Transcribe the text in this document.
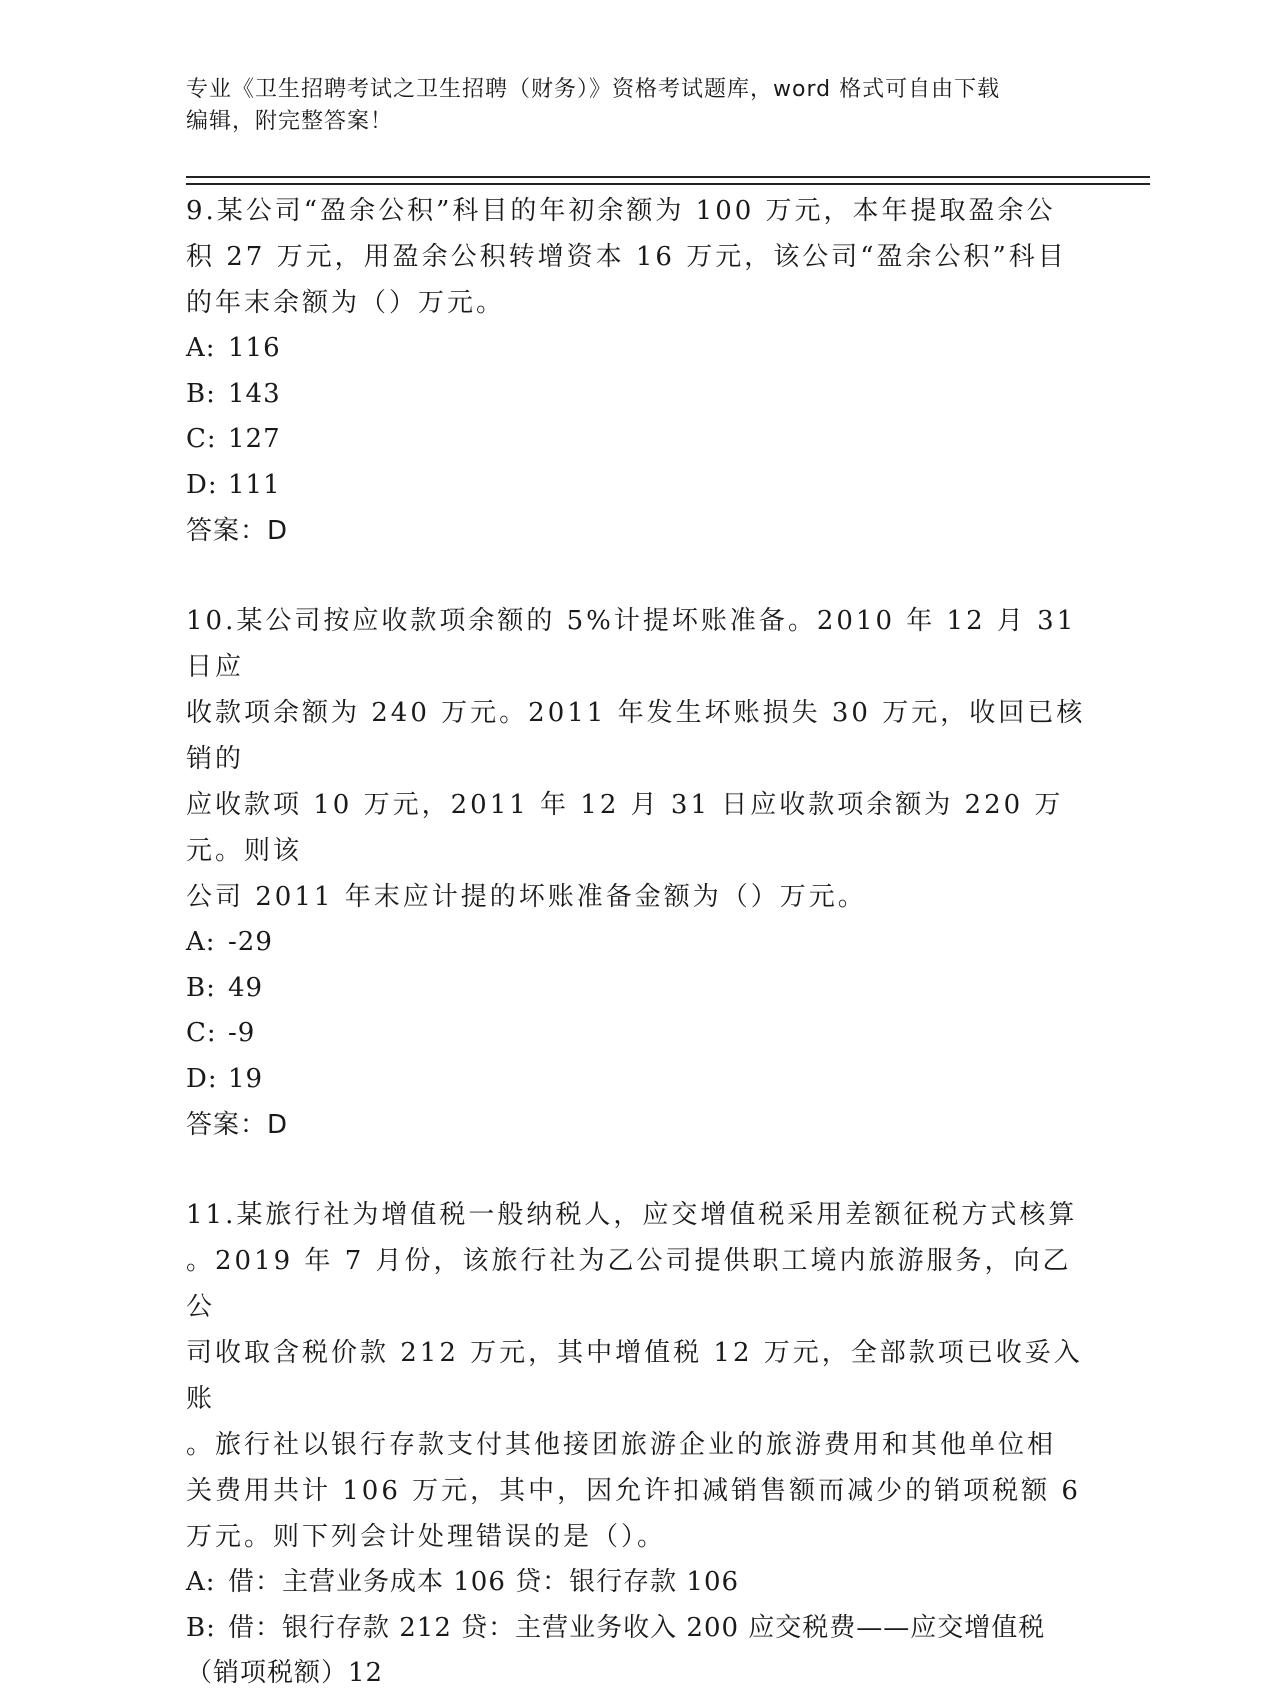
专业《卫生招聘考试之卫生招聘（财务）》资格考试题库，word 格式可自由下载
编辑，附完整答案！
9.某公司“盈余公积”科目的年初余额为 100 万元，本年提取盈余公
积 27 万元，用盈余公积转增资本 16 万元，该公司“盈余公积”科目
的年末余额为（）万元。
A: 116
B: 143
C: 127
D: 111
答案：D
10.某公司按应收款项余额的 5%计提坏账准备。2010 年 12 月 31 日应
收款项余额为 240 万元。2011 年发生坏账损失 30 万元，收回已核销的
应收款项 10 万元，2011 年 12 月 31 日应收款项余额为 220 万元。则该
公司 2011 年末应计提的坏账准备金额为（）万元。
A: -29
B: 49
C: -9
D: 19
答案：D
11.某旅行社为增值税一般纳税人，应交增值税采用差额征税方式核算
。2019 年 7 月份，该旅行社为乙公司提供职工境内旅游服务，向乙公
司收取含税价款 212 万元，其中增值税 12 万元，全部款项已收妥入账
。旅行社以银行存款支付其他接团旅游企业的旅游费用和其他单位相
关费用共计 106 万元，其中，因允许扣减销售额而减少的销项税额 6
万元。则下列会计处理错误的是（）。
A: 借：主营业务成本 106 贷：银行存款 106
B: 借：银行存款 212 贷：主营业务收入 200 应交税费——应交增值税
（销项税额）12
